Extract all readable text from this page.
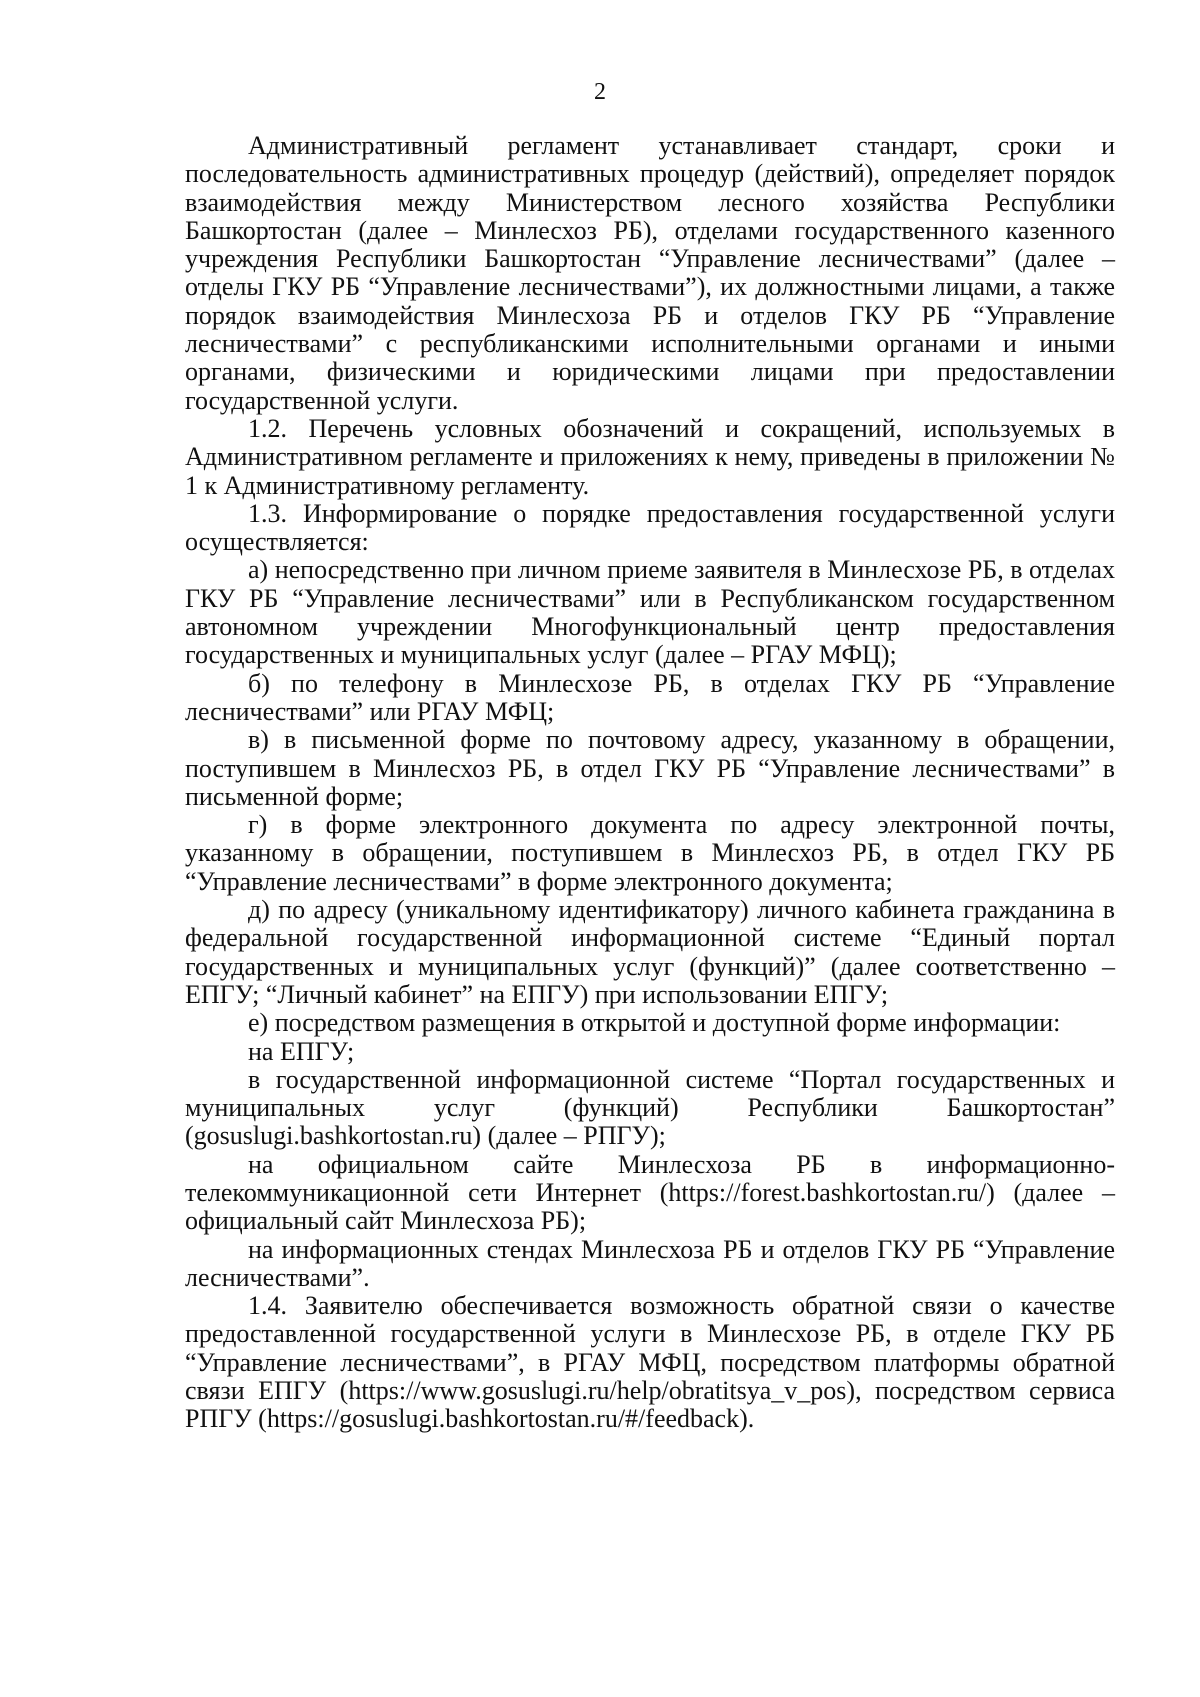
2

Административный регламент устанавливает стандарт, сроки и последовательность административных процедур (действий), определяет порядок взаимодействия между Министерством лесного хозяйства Республики Башкортостан (далее – Минлесхоз РБ), отделами государственного казенного учреждения Республики Башкортостан “Управление лесничествами” (далее – отделы ГКУ РБ “Управление лесничествами”), их должностными лицами, а также порядок взаимодействия Минлесхоза РБ и отделов ГКУ РБ “Управление лесничествами” с республиканскими исполнительными органами и иными органами, физическими и юридическими лицами при предоставлении государственной услуги.

1.2. Перечень условных обозначений и сокращений, используемых в Административном регламенте и приложениях к нему, приведены в приложении № 1 к Административному регламенту.

1.3. Информирование о порядке предоставления государственной услуги осуществляется:

а) непосредственно при личном приеме заявителя в Минлесхозе РБ, в отделах ГКУ РБ “Управление лесничествами” или в Республиканском государственном автономном учреждении Многофункциональный центр предоставления государственных и муниципальных услуг (далее – РГАУ МФЦ);

б) по телефону в Минлесхозе РБ, в отделах ГКУ РБ “Управление лесничествами” или РГАУ МФЦ;

в) в письменной форме по почтовому адресу, указанному в обращении, поступившем в Минлесхоз РБ, в отдел ГКУ РБ “Управление лесничествами” в письменной форме;

г) в форме электронного документа по адресу электронной почты, указанному в обращении, поступившем в Минлесхоз РБ, в отдел ГКУ РБ “Управление лесничествами” в форме электронного документа;

д) по адресу (уникальному идентификатору) личного кабинета гражданина в федеральной государственной информационной системе “Единый портал государственных и муниципальных услуг (функций)” (далее соответственно – ЕПГУ; “Личный кабинет” на ЕПГУ) при использовании ЕПГУ;

е) посредством размещения в открытой и доступной форме информации:

на ЕПГУ;

в государственной информационной системе “Портал государственных и муниципальных услуг (функций) Республики Башкортостан” (gosuslugi.bashkortostan.ru) (далее – РПГУ);

на официальном сайте Минлесхоза РБ в информационно-телекоммуникационной сети Интернет (https://forest.bashkortostan.ru/) (далее – официальный сайт Минлесхоза РБ);

на информационных стендах Минлесхоза РБ и отделов ГКУ РБ “Управление лесничествами”.

1.4. Заявителю обеспечивается возможность обратной связи о качестве предоставленной государственной услуги в Минлесхозе РБ, в отделе ГКУ РБ “Управление лесничествами”, в РГАУ МФЦ, посредством платформы обратной связи ЕПГУ (https://www.gosuslugi.ru/help/obratitsya_v_pos), посредством сервиса РПГУ (https://gosuslugi.bashkortostan.ru/#/feedback).
